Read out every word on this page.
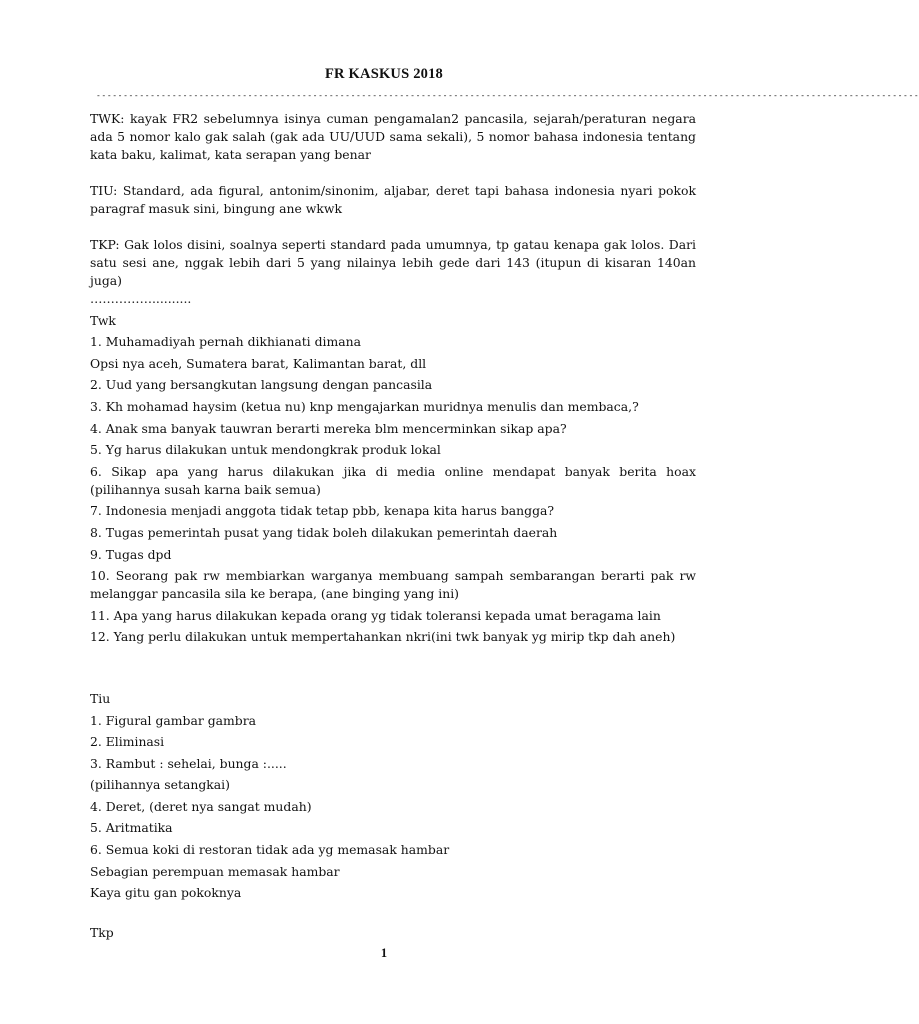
FR KASKUS 2018
--------------------------------------------------------------------------------------------------------------------------------------------------------

TWK: kayak FR2 sebelumnya isinya cuman pengamalan2 pancasila, sejarah/peraturan negara ada 5 nomor kalo gak salah (gak ada UU/UUD sama sekali), 5 nomor bahasa indonesia tentang kata baku, kalimat, kata serapan yang benar

TIU: Standard, ada figural, antonim/sinonim, aljabar, deret tapi bahasa indonesia nyari pokok paragraf masuk sini, bingung ane wkwk

TKP: Gak lolos disini, soalnya seperti standard pada umumnya, tp gatau kenapa gak lolos. Dari satu sesi ane, nggak lebih dari 5 yang nilainya lebih gede dari 143 (itupun di kisaran 140an juga)

……………..........

Twk

1. Muhamadiyah pernah dikhianati dimana

Opsi nya aceh, Sumatera barat, Kalimantan barat, dll

2. Uud yang bersangkutan langsung dengan pancasila

3. Kh mohamad haysim (ketua nu) knp mengajarkan muridnya menulis dan membaca,?

4. Anak sma banyak tauwran berarti mereka blm mencerminkan sikap apa?

5. Yg harus dilakukan untuk mendongkrak produk lokal

6. Sikap apa yang harus dilakukan jika di media online mendapat banyak berita hoax (pilihannya susah karna baik semua)

7. Indonesia menjadi anggota tidak tetap pbb, kenapa kita harus bangga?

8. Tugas pemerintah pusat yang tidak boleh dilakukan pemerintah daerah

9. Tugas dpd

10. Seorang pak rw membiarkan warganya membuang sampah sembarangan berarti pak rw melanggar pancasila sila ke berapa, (ane binging yang ini)

11. Apa yang harus dilakukan kepada orang yg tidak toleransi kepada umat beragama lain

12. Yang perlu dilakukan untuk mempertahankan nkri(ini twk banyak yg mirip tkp dah aneh)

Tiu

1. Figural gambar gambra

2. Eliminasi

3. Rambut : sehelai, bunga :.....

(pilihannya setangkai)

4. Deret, (deret nya sangat mudah)

5. Aritmatika

6. Semua koki di restoran tidak ada yg memasak hambar

Sebagian perempuan memasak hambar

Kaya gitu gan pokoknya

Tkp

1
